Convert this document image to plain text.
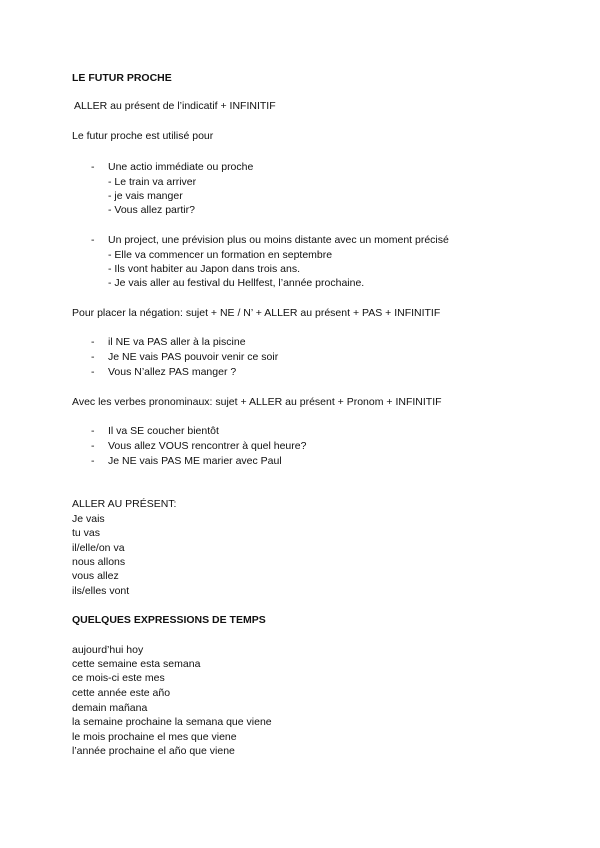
LE FUTUR PROCHE
ALLER au présent de l’indicatif + INFINITIF
Le futur proche est utilisé pour
- Une actio immédiate ou proche
- Le train va arriver
- je vais manger
- Vous allez partir?
- Un project, une prévision plus ou moins distante avec un moment précisé
- Elle va commencer un formation en septembre
- Ils vont habiter au Japon dans trois ans.
- Je vais aller au festival du Hellfest, l’année prochaine.
Pour placer la négation: sujet + NE / N’ + ALLER au présent + PAS + INFINITIF
- il NE va PAS aller à la piscine
- Je NE vais PAS pouvoir venir ce soir
- Vous N’allez PAS manger ?
Avec les verbes pronominaux: sujet + ALLER au présent + Pronom + INFINITIF
- Il va SE coucher bientôt
- Vous allez VOUS rencontrer à quel heure?
- Je NE vais PAS ME marier avec Paul
ALLER AU PRÉSENT:
Je vais
tu vas
il/elle/on va
nous allons
vous allez
ils/elles vont
QUELQUES EXPRESSIONS DE TEMPS
aujourd’hui hoy
cette semaine esta semana
ce mois-ci este mes
cette année este año
demain mañana
la semaine prochaine la semana que viene
le mois prochaine el mes que viene
l’année prochaine el año que viene
